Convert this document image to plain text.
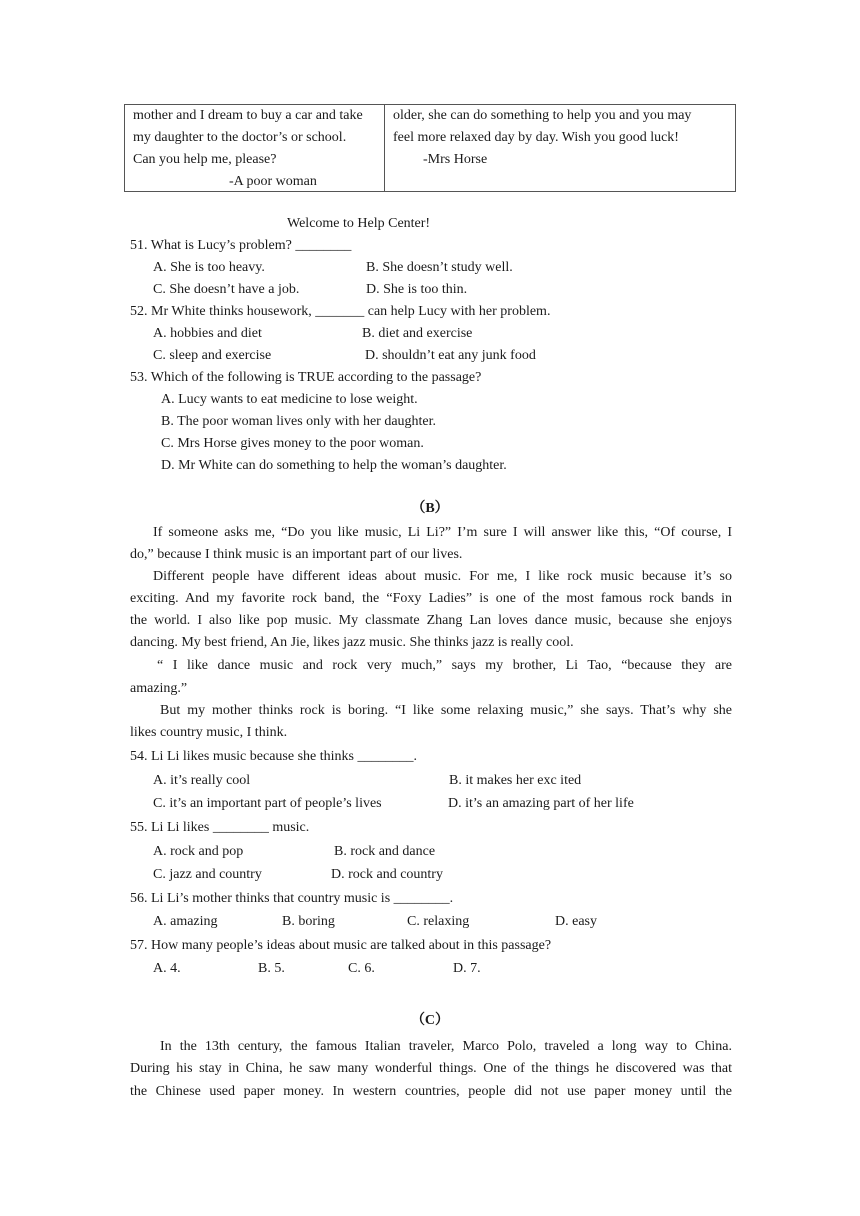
mother and I dream to buy a car and take
my daughter to the doctor’s or school.
Can you help me, please?
-A poor woman
older, she can do something to help you and you may
feel more relaxed day by day. Wish you good luck!
-Mrs Horse
Welcome to Help Center!
51. What is Lucy’s problem? ________
A. She is too heavy.	B. She doesn’t study well.
C. She doesn’t have a job.	D. She is too thin.
52. Mr White thinks housework, _______ can help Lucy with her problem.
A. hobbies and diet	B. diet and exercise
C. sleep and exercise	D. shouldn’t eat any junk food
53. Which of the following is TRUE according to the passage?
A. Lucy wants to eat medicine to lose weight.
B. The poor woman lives only with her daughter.
C. Mrs Horse gives money to the poor woman.
D. Mr White can do something to help the woman’s daughter.
（B）
If someone asks me, “Do you like music, Li Li?” I’m sure I will answer like this, “Of course, I
do,” because I think music is an important part of our lives.
Different people have different ideas about music. For me, I like rock music because it’s so
exciting. And my favorite rock band, the “Foxy Ladies” is one of the most famous rock bands in
the world. I also like pop music. My classmate Zhang Lan loves dance music, because she enjoys
dancing. My best friend, An Jie, likes jazz music. She thinks jazz is really cool.
“ I like dance music and rock very much,” says my brother, Li Tao, “because they are
amazing.”
But my mother thinks rock is boring. “I like some relaxing music,” she says. That’s why she
likes country music, I think.
54. Li Li likes music because she thinks ________.
A. it’s really cool	B. it makes her exc ited
C. it’s an important part of people’s lives	D. it’s an amazing part of her life
55. Li Li likes ________ music.
A. rock and pop	B. rock and dance
C. jazz and country	D. rock and country
56. Li Li’s mother thinks that country music is ________.
A. amazing	B. boring	C. relaxing	D. easy
57. How many people’s ideas about music are talked about in this passage?
A. 4.	B. 5.	C. 6.	D. 7.
（C）
In the 13th century, the famous Italian traveler, Marco Polo, traveled a long way to China.
During his stay in China, he saw many wonderful things. One of the things he discovered was that
the Chinese used paper money. In western countries, people did not use paper money until the
